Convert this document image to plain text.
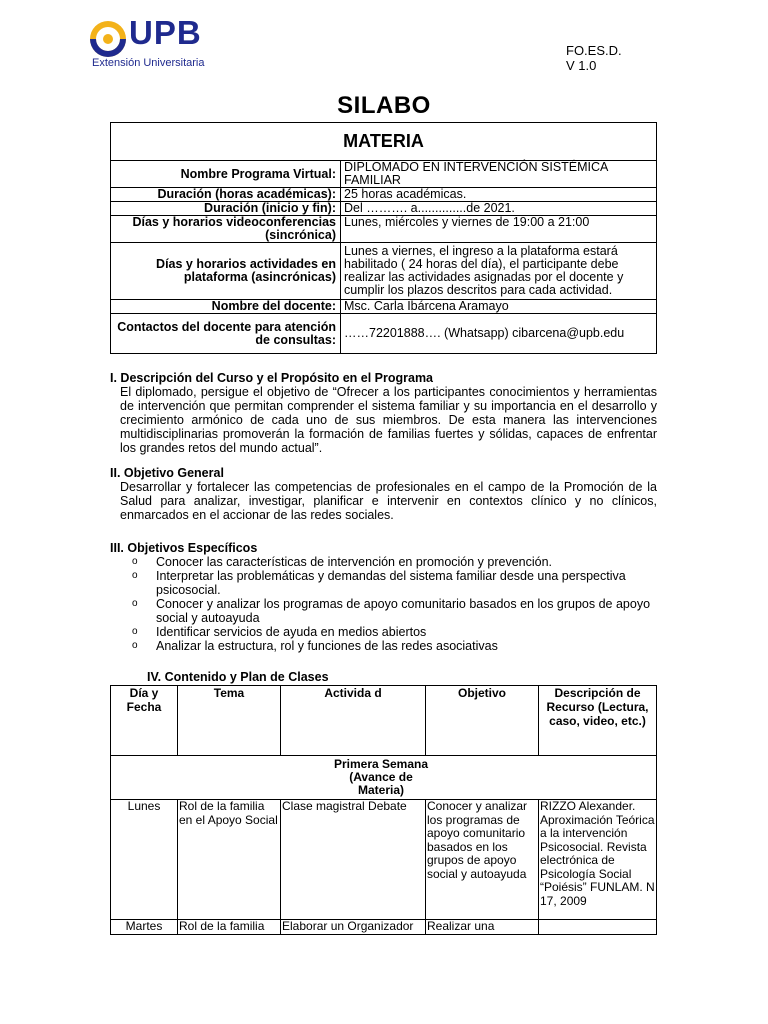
UPB
Extensión Universitaria
FO.ES.D.
V 1.0
SILABO
MATERIA	
Nombre Programa Virtual:	DIPLOMADO EN INTERVENCIÓN SISTÉMICA FAMILIAR
Duración (horas académicas):	25 horas académicas.
Duración (inicio y fin):	Del ………. a..............de 2021.
Días y horarios videoconferencias (sincrónica)	Lunes, miércoles y viernes de 19:00 a 21:00
Días y horarios actividades en plataforma (asincrónicas)	Lunes a viernes, el ingreso a la plataforma estará habilitado ( 24 horas del día), el participante debe realizar las actividades asignadas por el docente y cumplir los plazos descritos para cada actividad.
Nombre del docente:	Msc. Carla Ibárcena Aramayo
Contactos del docente para atención de consultas:	……72201888…. (Whatsapp) cibarcena@upb.edu
I. Descripción del Curso y el Propósito en el Programa

El diplomado, persigue el objetivo de “Ofrecer a los participantes conocimientos y herramientas de intervención que permitan comprender el sistema familiar y su importancia en el desarrollo y crecimiento armónico de cada uno de sus miembros. De esta manera las intervenciones multidisciplinarias promoverán la formación de familias fuertes y sólidas, capaces de enfrentar los grandes retos del mundo actual”.

II. Objetivo General

Desarrollar y fortalecer las competencias de profesionales en el campo de la Promoción de la Salud para analizar, investigar, planificar e intervenir en contextos clínico y no clínicos, enmarcados en el accionar de las redes sociales.

III. Objetivos Específicos
o Conocer las características de intervención en promoción y prevención.
o Interpretar las problemáticas y demandas del sistema familiar desde una perspectiva psicosocial.
o Conocer y analizar los programas de apoyo comunitario basados en los grupos de apoyo social y autoayuda
o Identificar servicios de ayuda en medios abiertos
o Analizar la estructura, rol y funciones de las redes asociativas
IV. Contenido y Plan de Clases
Día y Fecha	Tema	Activida d	Objetivo	Descripción de Recurso (Lectura, caso, video, etc.)

Primera Semana (Avance de Materia)				

Lunes	Rol de la familia en el Apoyo Social	Clase magistral Debate	Conocer y analizar los programas de apoyo comunitario basados en los grupos de apoyo social y autoayuda	RIZZO Alexander. Aproximación Teórica a la intervención Psicosocial. Revista electrónica de Psicología Social “Poiésis” FUNLAM. N 17, 2009
Martes	Rol de la familia	Elaborar un Organizador	Realizar una	
